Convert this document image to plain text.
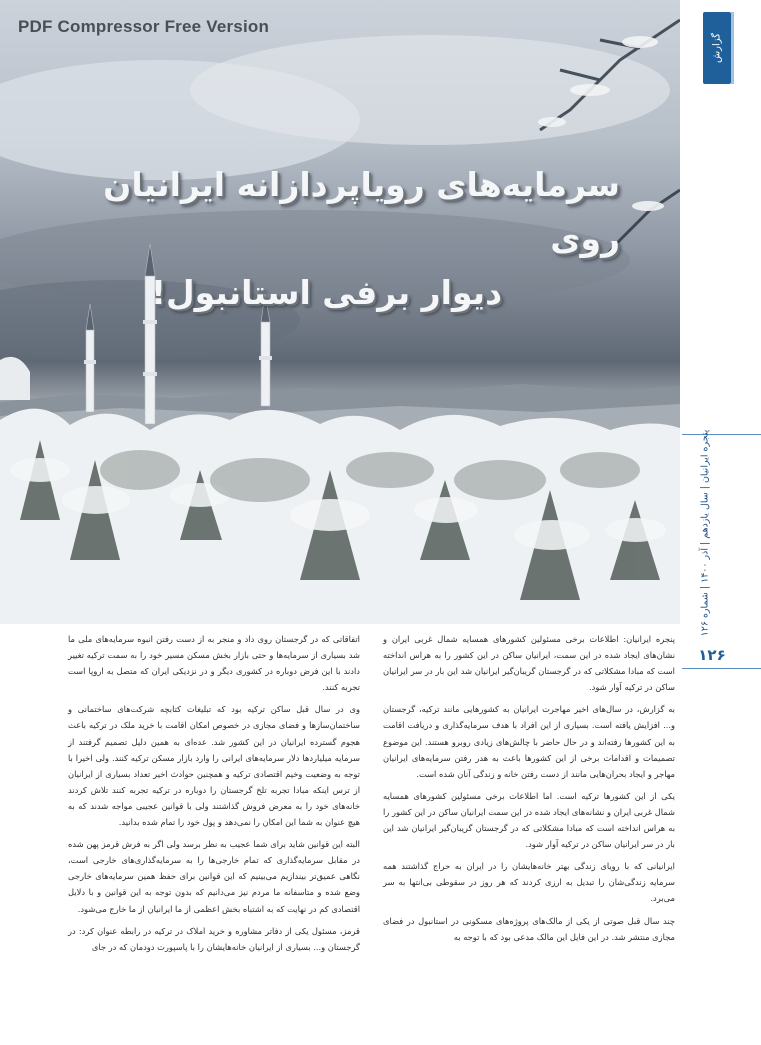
PDF Compressor Free Version
سرمایه‌های رویاپردازانه ایرانیان روی
دیوار برفی استانبول!
گزارش
پنجره ایرانیان | سال یازدهم | آذر ۱۴۰۰ | شماره ۱۲۶
۱۲۶

پنجره ایرانیان: اطلاعات برخی مسئولین کشورهای همسایه شمال غربی ایران و نشان‌های ایجاد شده در این سمت، ایرانیان ساکن در این کشور را به هراس انداخته است که مبادا مشکلاتی که در گرجستان گریبان‌گیر ایرانیان شد این بار در سر ایرانیان ساکن در ترکیه آوار شود.

به گزارش، در سال‌های اخیر مهاجرت ایرانیان به کشورهایی مانند ترکیه، گرجستان و... افزایش یافته است. بسیاری از این افراد با هدف سرمایه‌گذاری و دریافت اقامت به این کشورها رفته‌اند و در حال حاضر با چالش‌های زیادی روبرو هستند. این موضوع تصمیمات و اقدامات برخی از این کشورها باعث به هدر رفتن سرمایه‌های ایرانیان مهاجر و ایجاد بحران‌هایی مانند از دست رفتن خانه و زندگی آنان شده است.

یکی از این کشورها ترکیه است. اما اطلاعات برخی مسئولین کشورهای همسایه شمال غربی ایران و نشانه‌های ایجاد شده در این سمت ایرانیان ساکن در این کشور را به هراس انداخته است که مبادا مشکلاتی که در گرجستان گریبان‌گیر ایرانیان شد این بار در سر ایرانیان ساکن در ترکیه آوار شود.

ایرانیانی که با رویای زندگی بهتر خانه‌هایشان را در ایران به حراج گذاشتند همه سرمایه زندگی‌شان را تبدیل به ارزی کردند که هر روز در سقوطی بی‌انتها به سر می‌برد.

چند سال قبل صوتی از یکی از مالک‌های پروژه‌های مسکونی در استانبول در فضای مجازی منتشر شد. در این فایل این مالک مدعی بود که با توجه به

اتفاقاتی که در گرجستان روی داد و منجر به از دست رفتن انبوه سرمایه‌های ملی ما شد بسیاری از سرمایه‌ها و حتی بازار بخش مسکن مسیر خود را به سمت ترکیه تغییر دادند با این فرض دوباره در کشوری دیگر و در نزدیکی ایران که متصل به اروپا است تجربه کنند.

وی در سال قبل ساکن ترکیه بود که تبلیغات کتابچه شرکت‌های ساختمانی و ساختمان‌سازها و فضای مجازی در خصوص امکان اقامت با خرید ملک در ترکیه باعث هجوم گسترده ایرانیان در این کشور شد. عده‌ای به همین دلیل تصمیم گرفتند از سرمایه میلیاردها دلار سرمایه‌های ایرانی را وارد بازار مسکن ترکیه کنند. ولی اخیرا با توجه به وضعیت وخیم اقتصادی ترکیه و همچنین حوادث اخیر تعداد بسیاری از ایرانیان از ترس اینکه مبادا تجربه تلخ گرجستان را دوباره در ترکیه تجربه کنند تلاش کردند خانه‌های خود را به معرض فروش گذاشتند ولی با قوانین عجیبی مواجه شدند که به هیچ عنوان به شما این امکان را نمی‌دهد و پول خود را تمام شده بدانید.

البته این قوانین شاید برای شما عجیب به نظر برسد ولی اگر به فرش قرمز پهن شده در مقابل سرمایه‌گذاری که تمام خارجی‌ها را به سرمایه‌گذاری‌های خارجی است، نگاهی عمیق‌تر بیندازیم می‌بینیم که این قوانین برای حفظ همین سرمایه‌های خارجی وضع شده و متاسفانه ما مردم نیز می‌دانیم که بدون توجه به این قوانین و با دلایل اقتصادی کم در نهایت که به اشتباه بخش اعظمی از ما ایرانیان از ما خارج می‌شود.

قرمز، مسئول یکی از دفاتر مشاوره و خرید املاک در ترکیه در رابطه عنوان کرد: در گرجستان و... بسیاری از ایرانیان خانه‌هایشان را با پاسپورت دودمان که در جای
